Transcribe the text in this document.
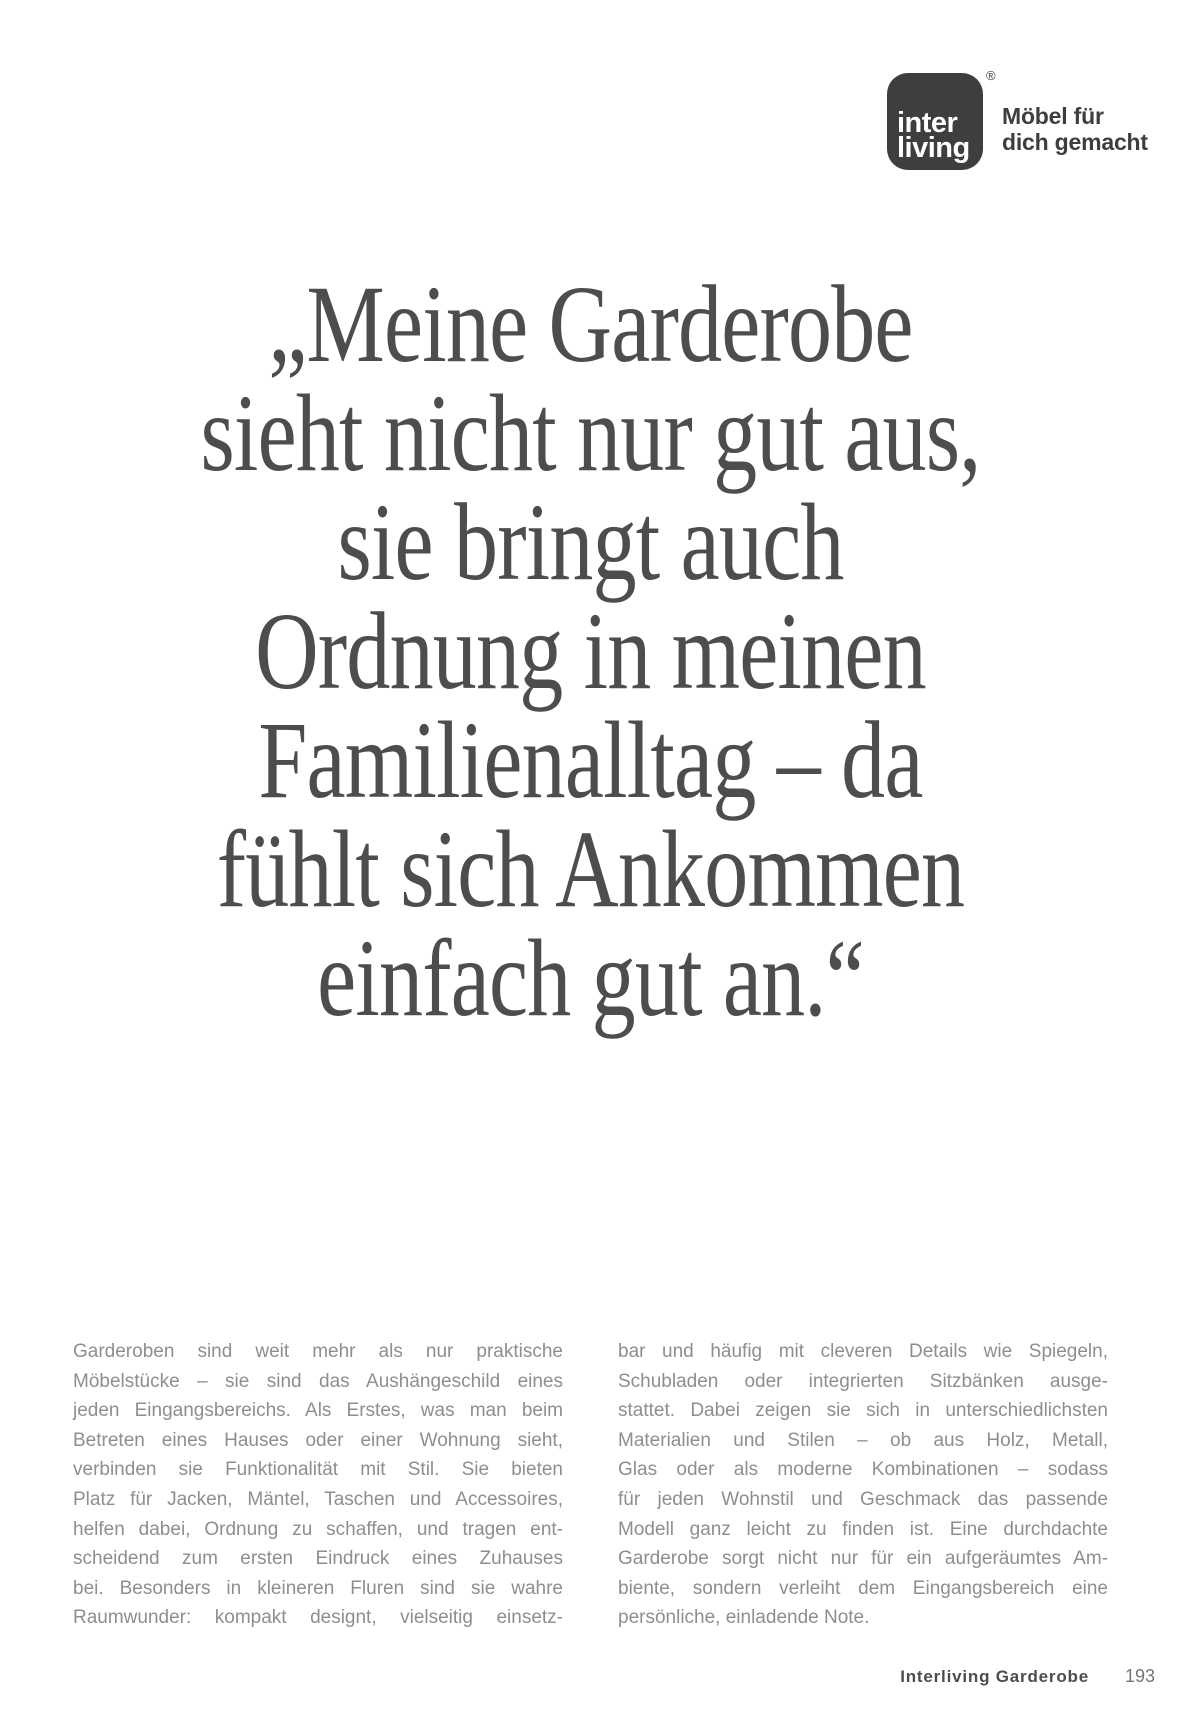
inter
living
®
Möbel für
dich gemacht
„Meine Garderobe
sieht nicht nur gut aus,
sie bringt auch
Ordnung in meinen
Familienalltag – da
fühlt sich Ankommen
einfach gut an.“
Garderoben sind weit mehr als nur praktische
Möbelstücke – sie sind das Aushängeschild eines
jeden Eingangsbereichs. Als Erstes, was man beim
Betreten eines Hauses oder einer Wohnung sieht,
verbinden sie Funktionalität mit Stil. Sie bieten
Platz für Jacken, Mäntel, Taschen und Accessoires,
helfen dabei, Ordnung zu schaffen, und tragen ent-
scheidend zum ersten Eindruck eines Zuhauses
bei. Besonders in kleineren Fluren sind sie wahre
Raumwunder: kompakt designt, vielseitig einsetz-
bar und häufig mit cleveren Details wie Spiegeln,
Schubladen oder integrierten Sitzbänken ausge-
stattet. Dabei zeigen sie sich in unterschiedlichsten
Materialien und Stilen – ob aus Holz, Metall,
Glas oder als moderne Kombinationen – sodass
für jeden Wohnstil und Geschmack das passende
Modell ganz leicht zu finden ist. Eine durchdachte
Garderobe sorgt nicht nur für ein aufgeräumtes Am-
biente, sondern verleiht dem Eingangsbereich eine
persönliche, einladende Note.
Interliving Garderobe 193
